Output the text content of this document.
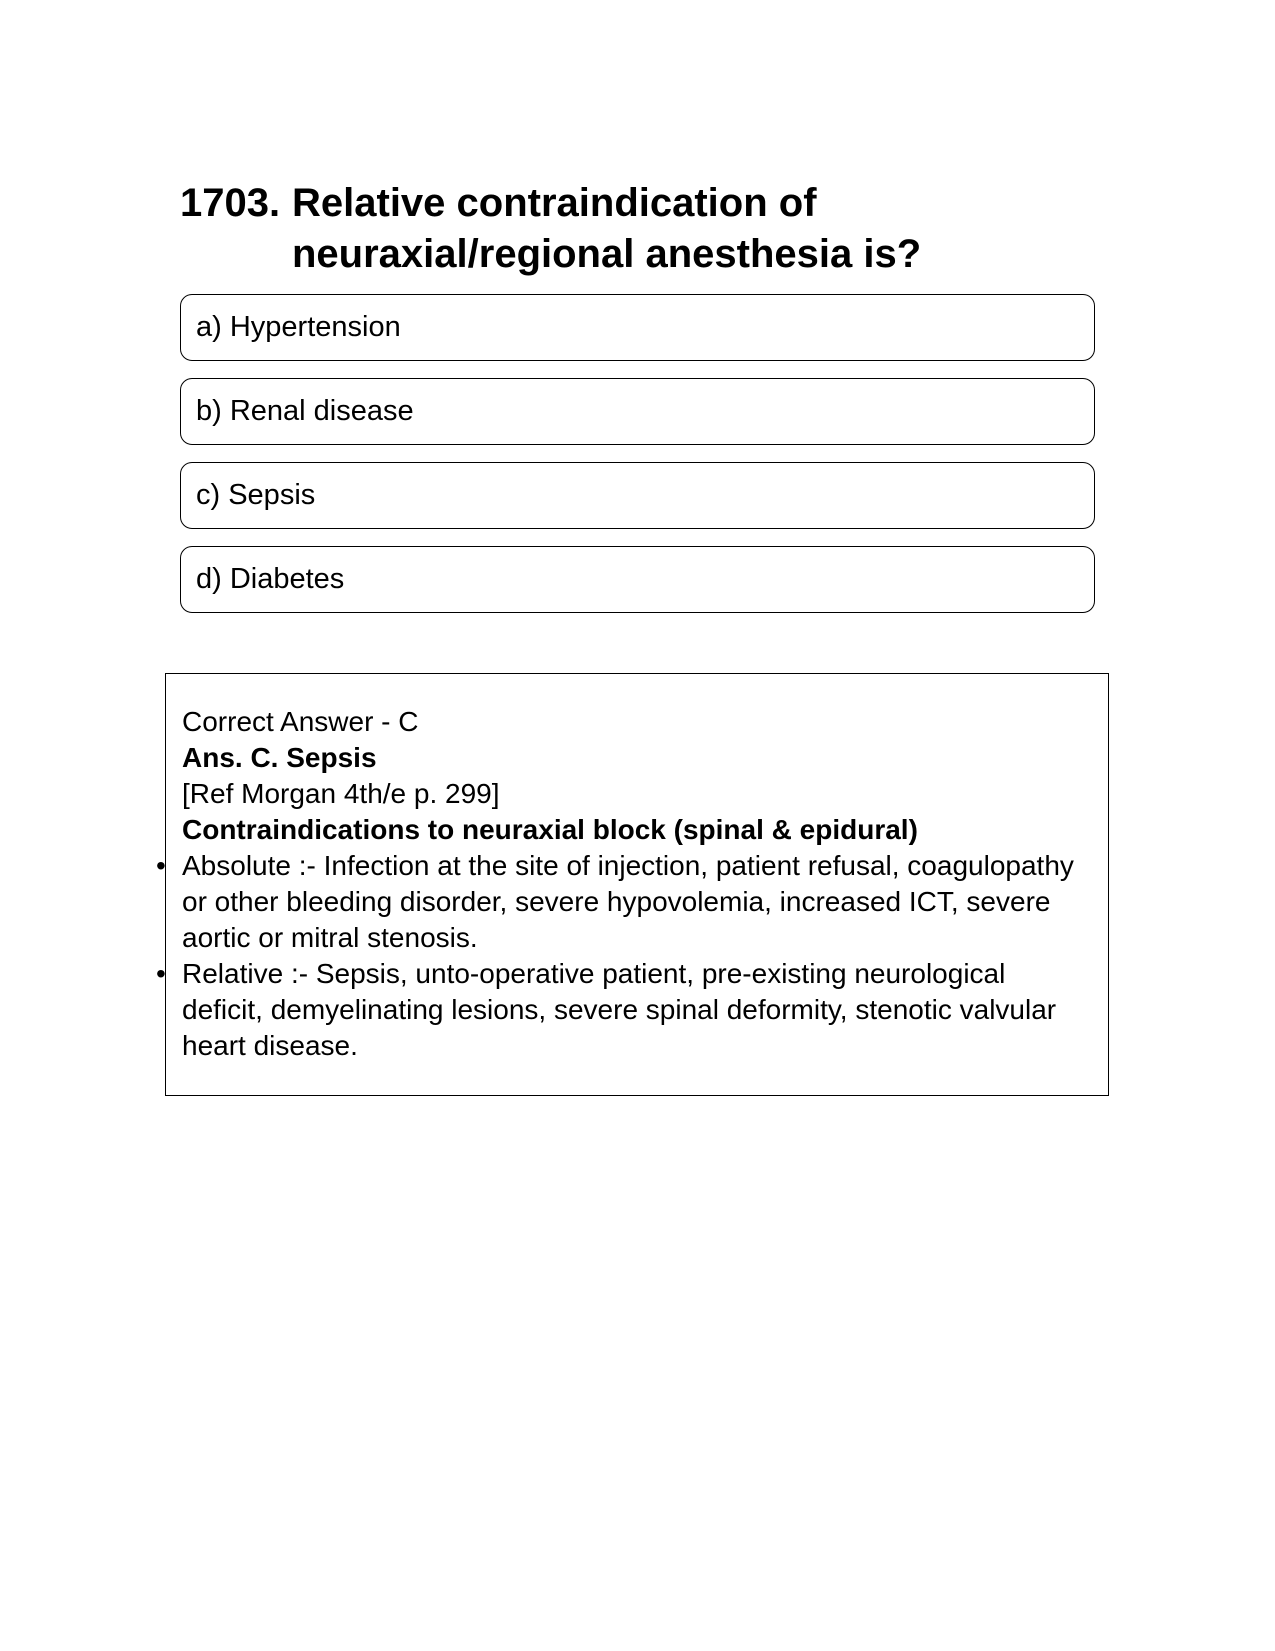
1703. Relative contraindication of neuraxial/regional anesthesia is?
a) Hypertension
b) Renal disease
c) Sepsis
d) Diabetes
Correct Answer - C
Ans. C. Sepsis
[Ref Morgan 4th/e p. 299]
Contraindications to neuraxial block (spinal & epidural)
• Absolute :- Infection at the site of injection, patient refusal, coagulopathy or other bleeding disorder, severe hypovolemia, increased ICT, severe aortic or mitral stenosis.
• Relative :- Sepsis, unto-operative patient, pre-existing neurological deficit, demyelinating lesions, severe spinal deformity, stenotic valvular heart disease.
